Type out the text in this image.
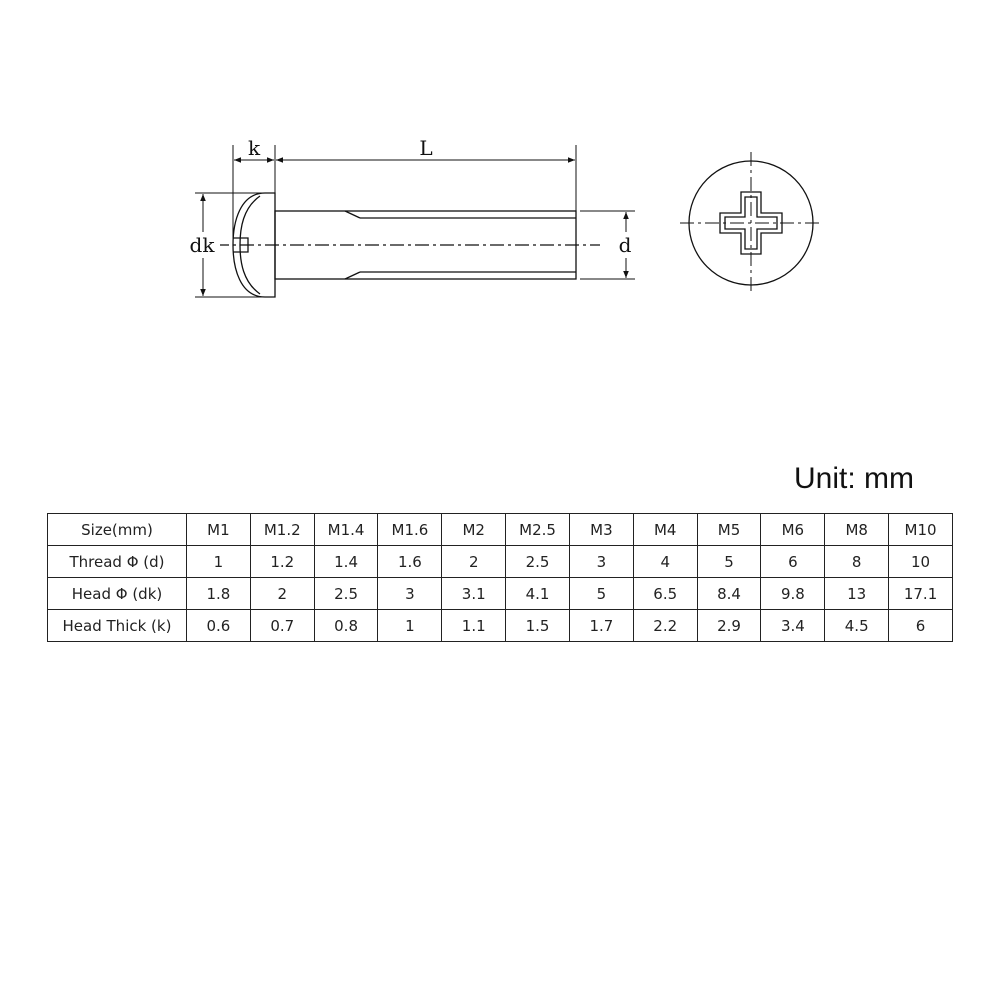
k	L
dk	d
Unit: mm
Size(mm)	M1	M1.2	M1.4	M1.6	M2	M2.5	M3	M4	M5	M6	M8	M10
Thread Φ (d)	1	1.2	1.4	1.6	2	2.5	3	4	5	6	8	10
Head Φ (dk)	1.8	2	2.5	3	3.1	4.1	5	6.5	8.4	9.8	13	17.1
Head Thick (k)	0.6	0.7	0.8	1	1.1	1.5	1.7	2.2	2.9	3.4	4.5	6
